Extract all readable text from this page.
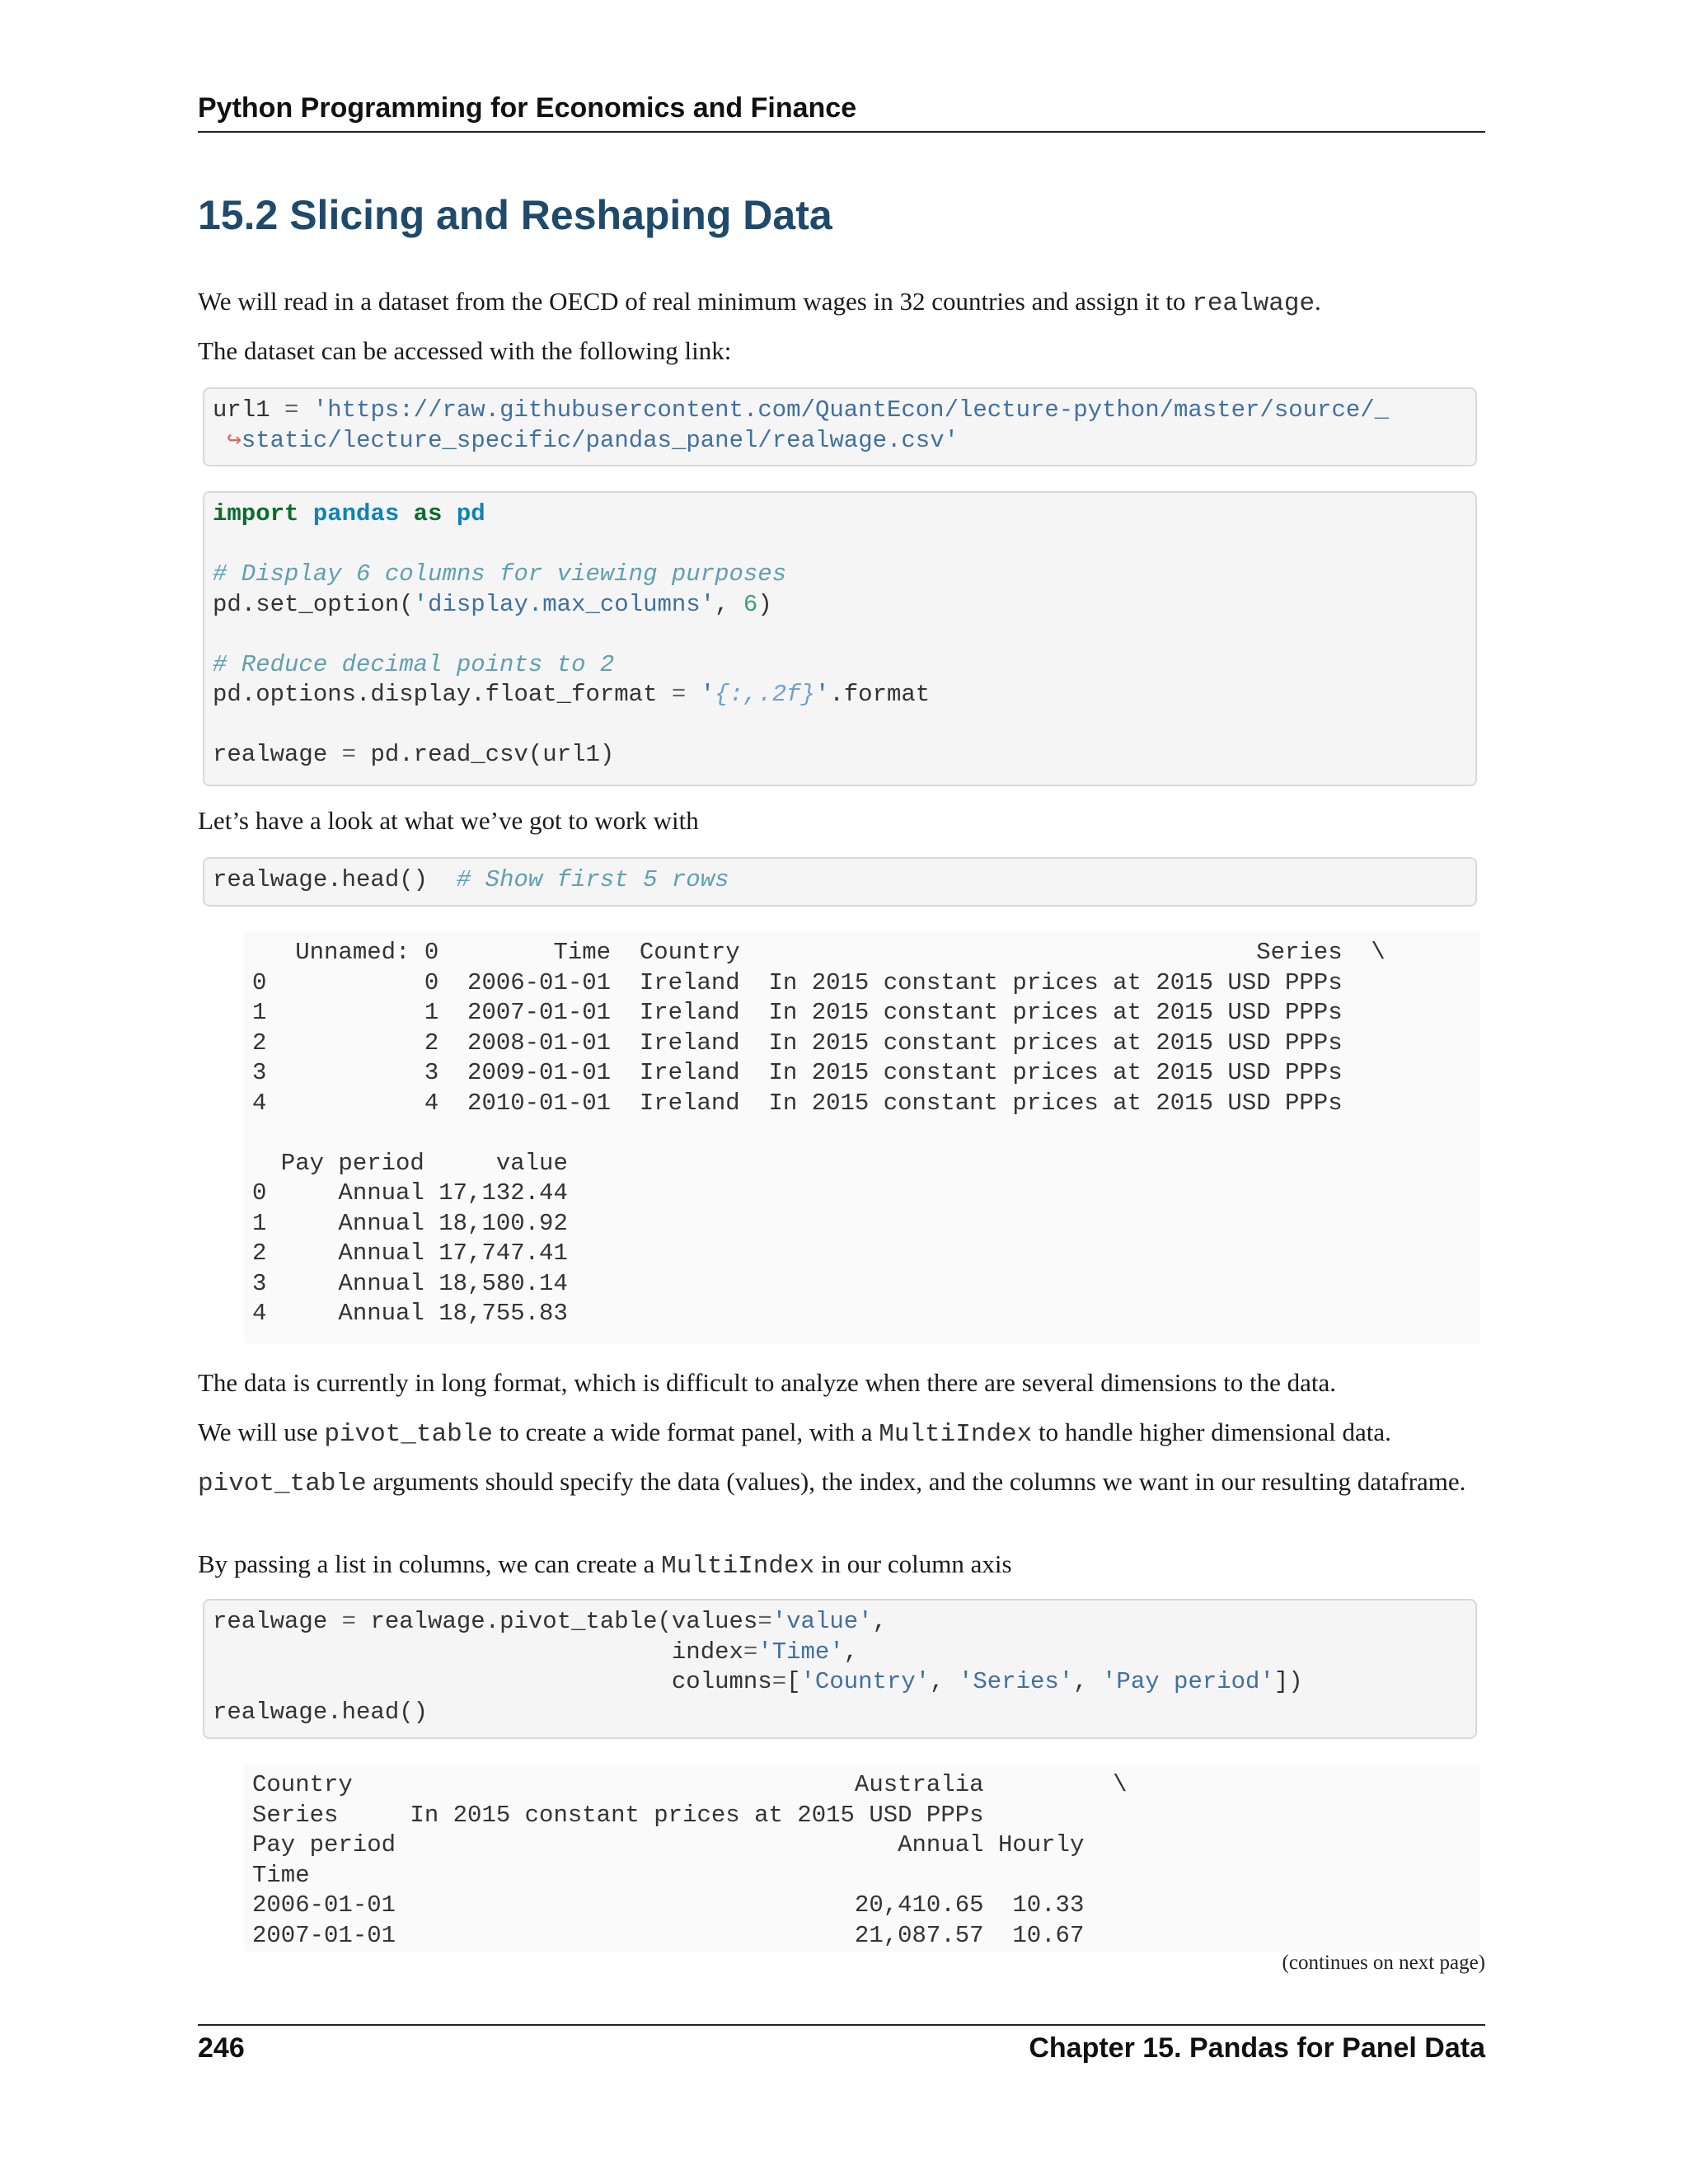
Python Programming for Economics and Finance
15.2 Slicing and Reshaping Data

We will read in a dataset from the OECD of real minimum wages in 32 countries and assign it to realwage.

The dataset can be accessed with the following link:

url1 = 'https://raw.githubusercontent.com/QuantEcon/lecture-python/master/source/_
↪static/lecture_specific/pandas_panel/realwage.csv'
import pandas as pd
# Display 6 columns for viewing purposes
pd.set_option('display.max_columns', 6)
# Reduce decimal points to 2
pd.options.display.float_format = '{:,.2f}'.format
realwage = pd.read_csv(url1)

Let’s have a look at what we’ve got to work with

realwage.head() # Show first 5 rows
Unnamed: 0        Time  Country                                    Series  \
0           0  2006-01-01  Ireland  In 2015 constant prices at 2015 USD PPPs
1           1  2007-01-01  Ireland  In 2015 constant prices at 2015 USD PPPs
2           2  2008-01-01  Ireland  In 2015 constant prices at 2015 USD PPPs
3           3  2009-01-01  Ireland  In 2015 constant prices at 2015 USD PPPs
4           4  2010-01-01  Ireland  In 2015 constant prices at 2015 USD PPPs
Pay period     value
0     Annual 17,132.44
1     Annual 18,100.92
2     Annual 17,747.41
3     Annual 18,580.14
4     Annual 18,755.83

The data is currently in long format, which is difficult to analyze when there are several dimensions to the data.

We will use pivot_table to create a wide format panel, with a MultiIndex to handle higher dimensional data.

pivot_table arguments should specify the data (values), the index, and the columns we want in our resulting dataframe.

By passing a list in columns, we can create a MultiIndex in our column axis

realwage = realwage.pivot_table(values='value',
index='Time',
columns=['Country', 'Series', 'Pay period'])
realwage.head()
Country                                   Australia         \
Series     In 2015 constant prices at 2015 USD PPPs
Pay period                                   Annual Hourly
Time
2006-01-01                                20,410.65  10.33
2007-01-01                                21,087.57  10.67
(continues on next page)
246	Chapter 15. Pandas for Panel Data
